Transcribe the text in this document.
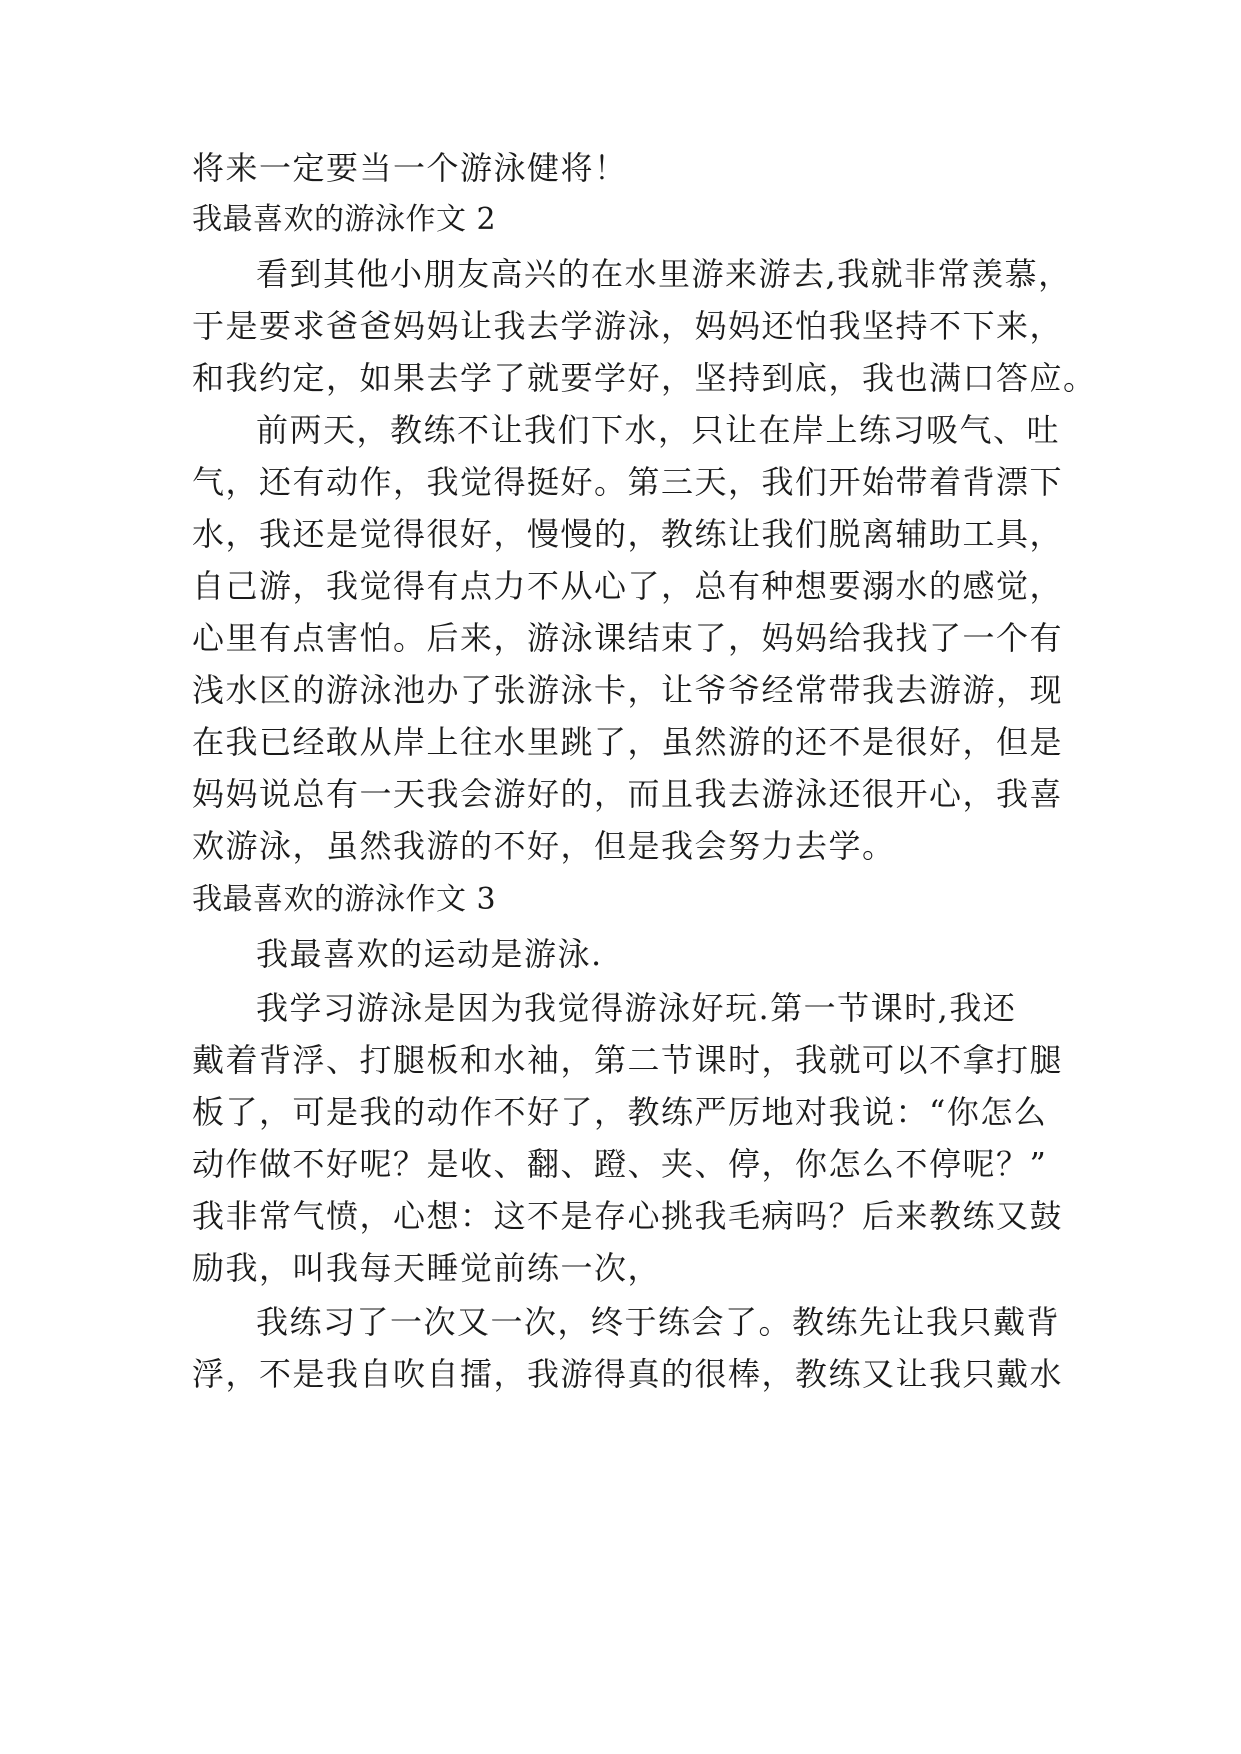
将来一定要当一个游泳健将！
我最喜欢的游泳作文 2
看到其他小朋友高兴的在水里游来游去,我就非常羡慕，
于是要求爸爸妈妈让我去学游泳，妈妈还怕我坚持不下来，
和我约定，如果去学了就要学好，坚持到底，我也满口答应。
前两天，教练不让我们下水，只让在岸上练习吸气、吐
气，还有动作，我觉得挺好。第三天，我们开始带着背漂下
水，我还是觉得很好，慢慢的，教练让我们脱离辅助工具，
自己游，我觉得有点力不从心了，总有种想要溺水的感觉，
心里有点害怕。后来，游泳课结束了，妈妈给我找了一个有
浅水区的游泳池办了张游泳卡，让爷爷经常带我去游游，现
在我已经敢从岸上往水里跳了，虽然游的还不是很好，但是
妈妈说总有一天我会游好的，而且我去游泳还很开心，我喜
欢游泳，虽然我游的不好，但是我会努力去学。
我最喜欢的游泳作文 3
我最喜欢的运动是游泳.
我学习游泳是因为我觉得游泳好玩.第一节课时,我还
戴着背浮、打腿板和水袖，第二节课时，我就可以不拿打腿
板了，可是我的动作不好了，教练严厉地对我说：“你怎么
动作做不好呢？是收、翻、蹬、夹、停，你怎么不停呢？”
我非常气愤，心想：这不是存心挑我毛病吗？后来教练又鼓
励我，叫我每天睡觉前练一次，
我练习了一次又一次，终于练会了。教练先让我只戴背
浮，不是我自吹自擂，我游得真的很棒，教练又让我只戴水
